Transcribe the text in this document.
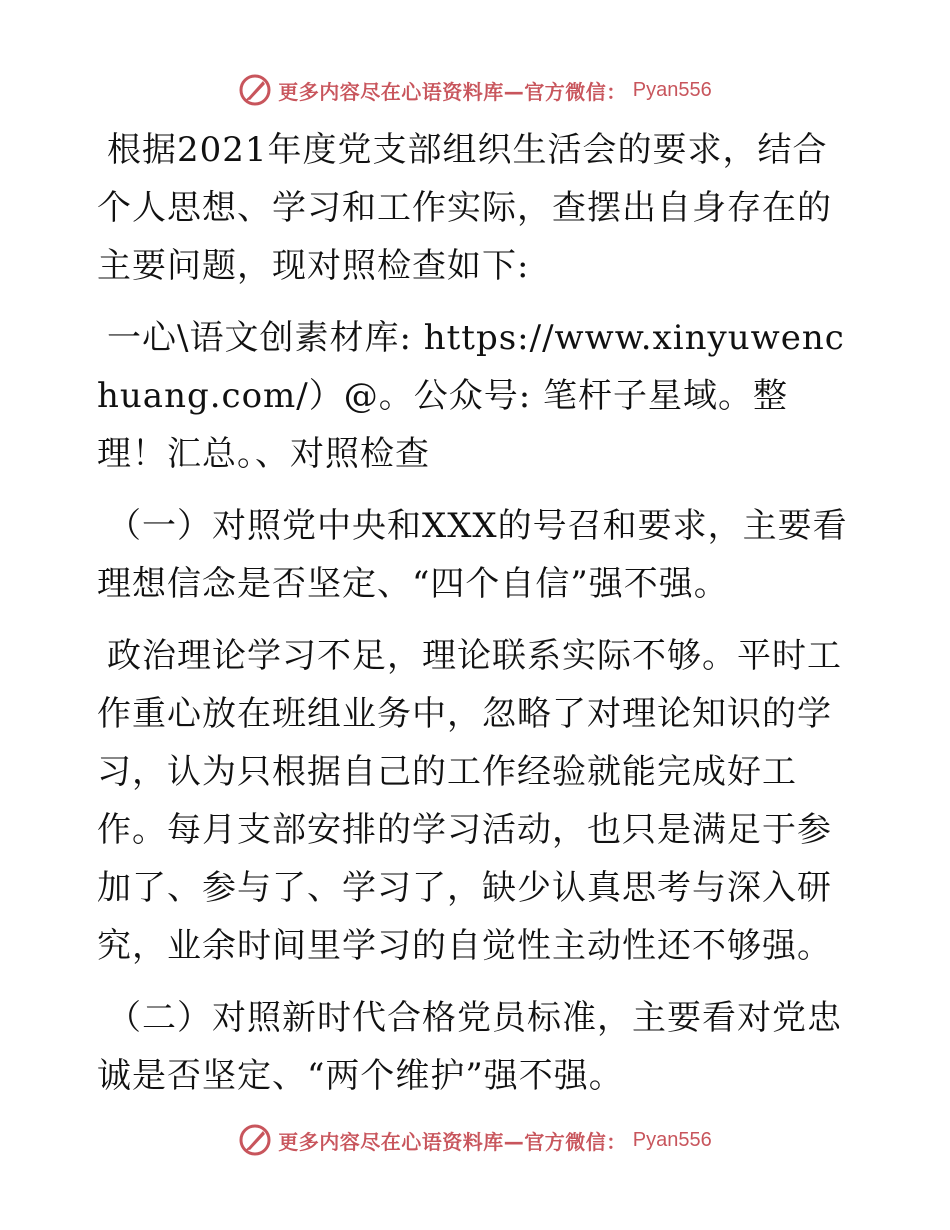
更多内容尽在心语资料库—官方微信： Pyan556

根据2021年度党支部组织生活会的要求，结合个人思想、学习和工作实际，查摆出自身存在的主要问题，现对照检查如下:

一心\语文创素材库: https://www.xinyuwenchuang.com/）@。公众号: 笔杆子星域。整理！汇总。、对照检查

（一）对照党中央和XXX的号召和要求，主要看理想信念是否坚定、“四个自信”强不强。

政治理论学习不足，理论联系实际不够。平时工作重心放在班组业务中，忽略了对理论知识的学习，认为只根据自己的工作经验就能完成好工作。每月支部安排的学习活动，也只是满足于参加了、参与了、学习了，缺少认真思考与深入研究，业余时间里学习的自觉性主动性还不够强。

（二）对照新时代合格党员标准，主要看对党忠诚是否坚定、“两个维护”强不强。

更多内容尽在心语资料库—官方微信： Pyan556
